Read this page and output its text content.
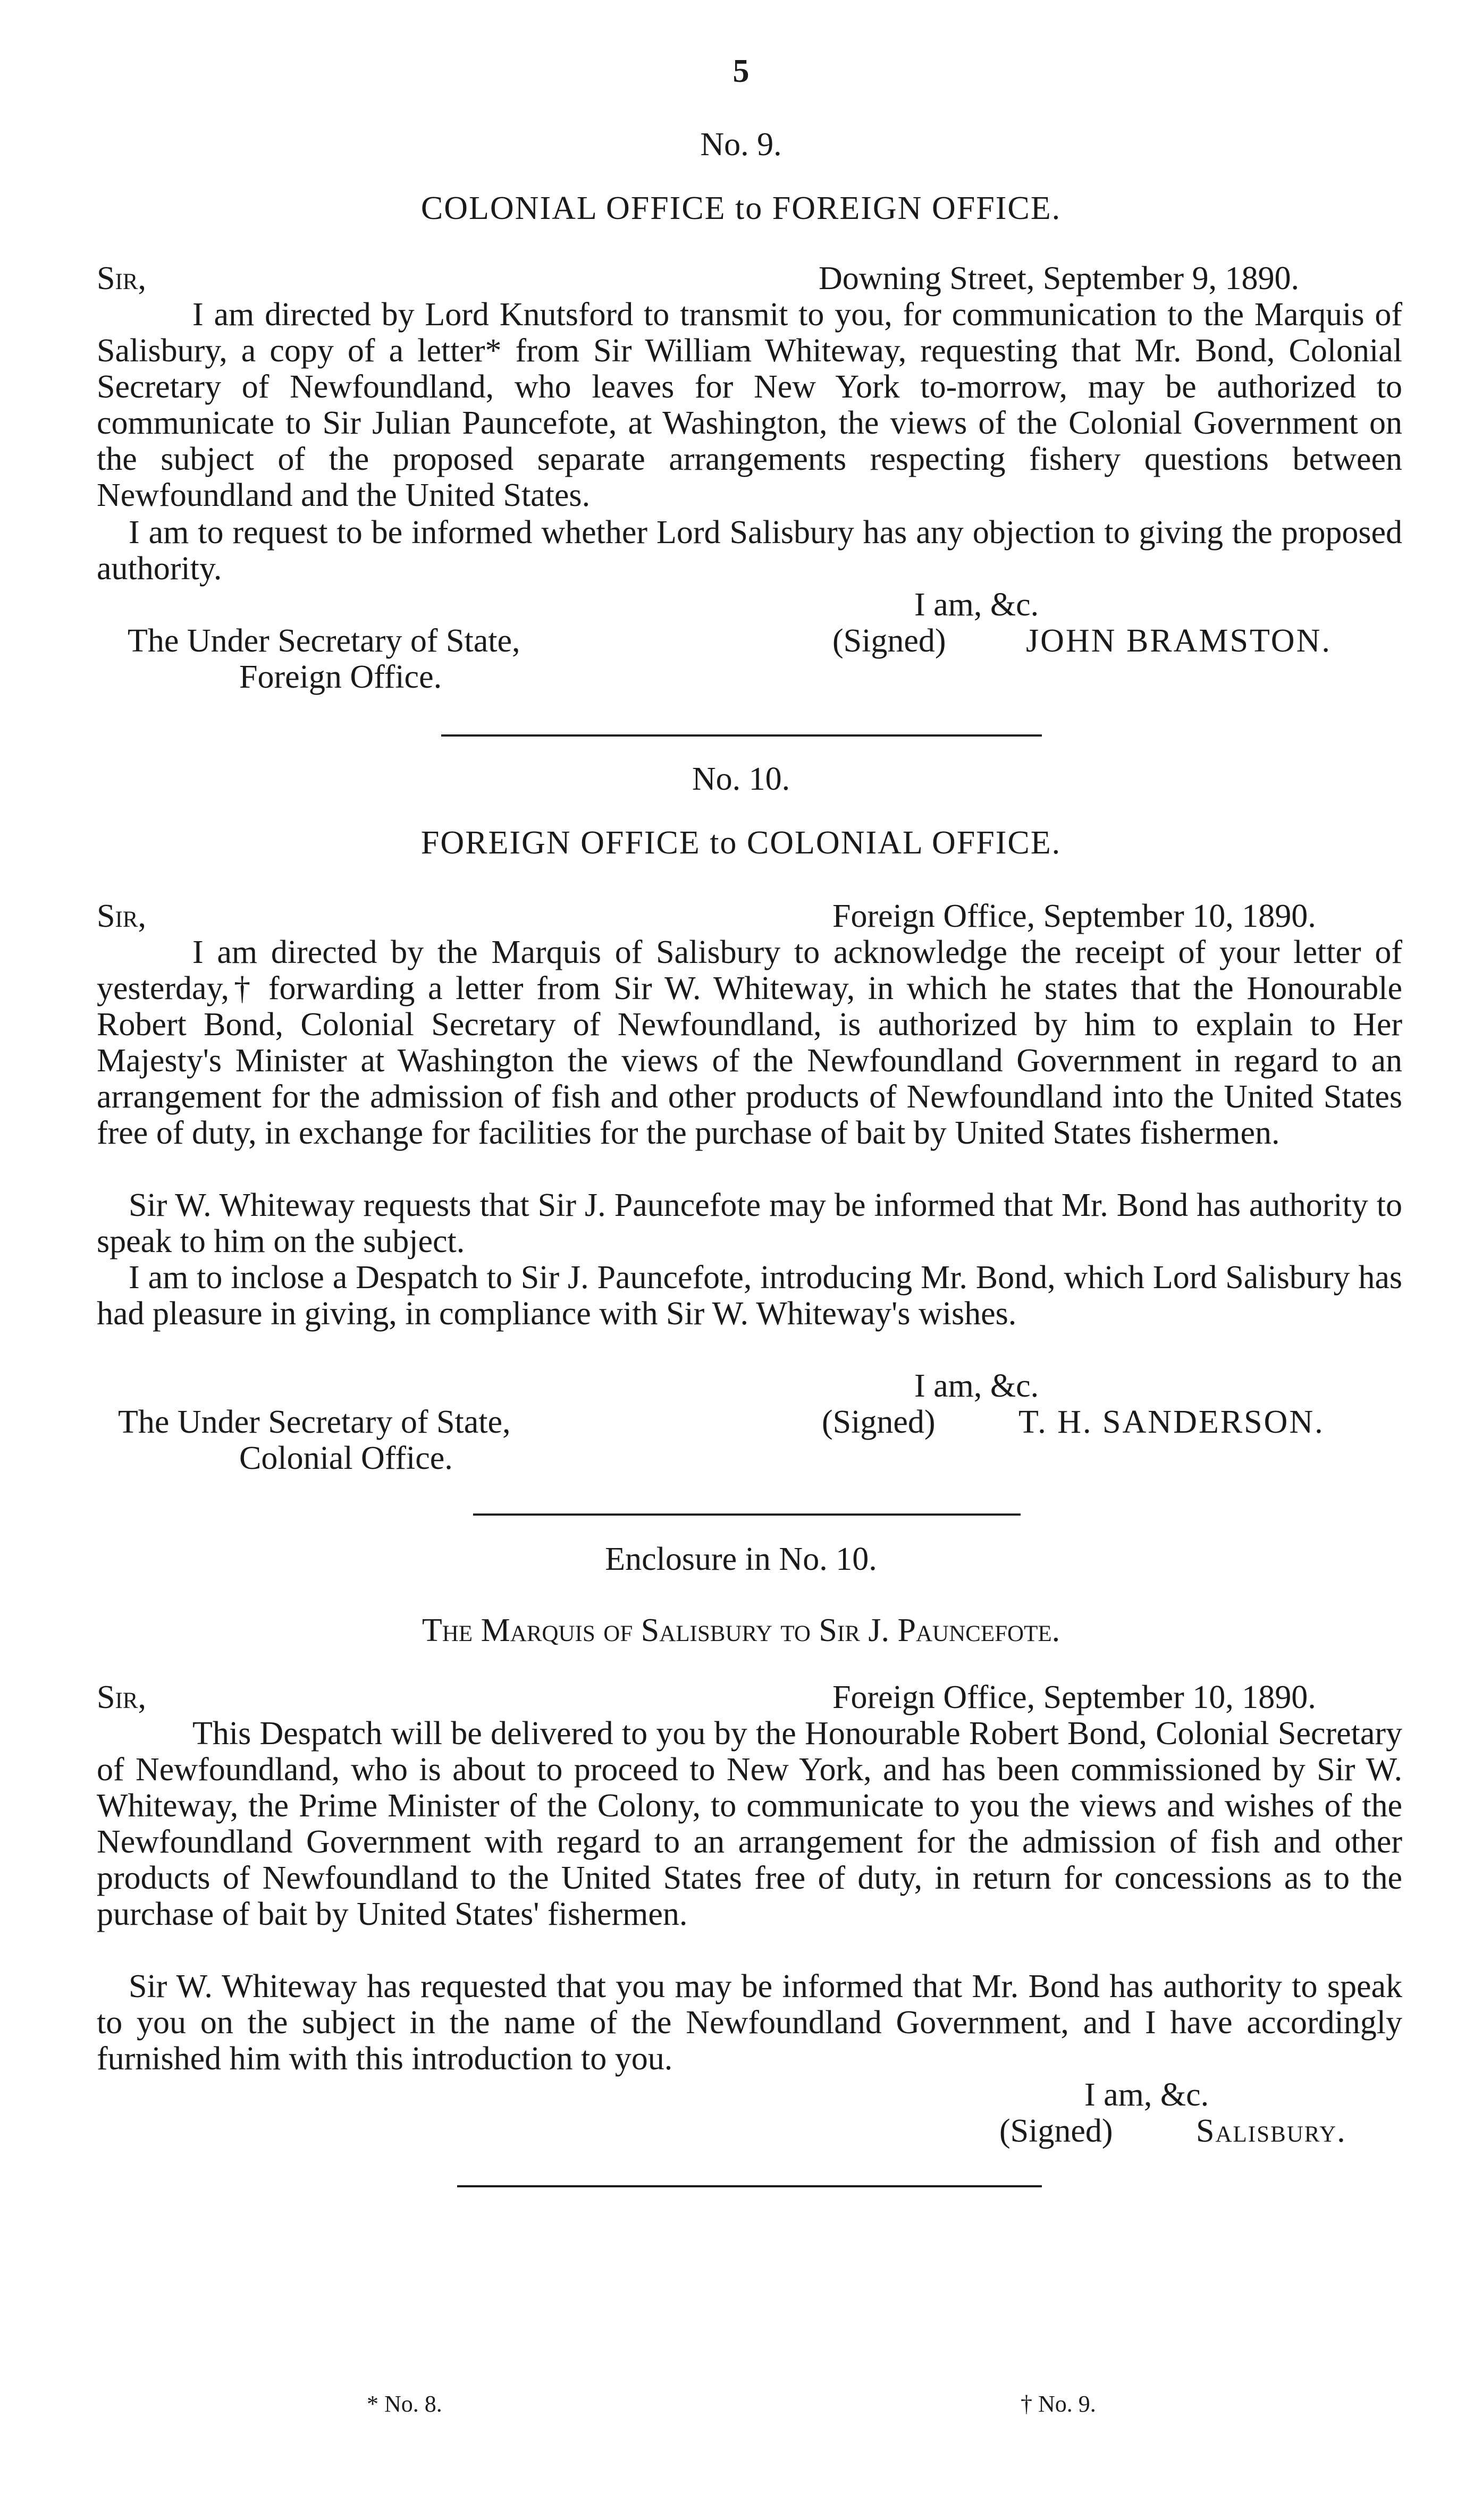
5
No. 9.
COLONIAL OFFICE to FOREIGN OFFICE.
Sir,	Downing Street, September 9, 1890.
I am directed by Lord Knutsford to transmit to you, for communication to the Marquis of Salisbury, a copy of a letter* from Sir William Whiteway, requesting that Mr. Bond, Colonial Secretary of Newfoundland, who leaves for New York to-morrow, may be authorized to communicate to Sir Julian Pauncefote, at Washington, the views of the Colonial Government on the subject of the proposed separate arrangements respecting fishery questions between Newfoundland and the United States.
I am to request to be informed whether Lord Salisbury has any objection to giving the proposed authority.
I am, &c.
The Under Secretary of State,	(Signed) JOHN BRAMSTON.
Foreign Office.
No. 10.
FOREIGN OFFICE to COLONIAL OFFICE.
Sir,	Foreign Office, September 10, 1890.
I am directed by the Marquis of Salisbury to acknowledge the receipt of your letter of yesterday,† forwarding a letter from Sir W. Whiteway, in which he states that the Honourable Robert Bond, Colonial Secretary of Newfoundland, is authorized by him to explain to Her Majesty's Minister at Washington the views of the Newfoundland Government in regard to an arrangement for the admission of fish and other products of Newfoundland into the United States free of duty, in exchange for facilities for the purchase of bait by United States fishermen.
Sir W. Whiteway requests that Sir J. Pauncefote may be informed that Mr. Bond has authority to speak to him on the subject.
I am to inclose a Despatch to Sir J. Pauncefote, introducing Mr. Bond, which Lord Salisbury has had pleasure in giving, in compliance with Sir W. Whiteway's wishes.
I am, &c.
The Under Secretary of State,	(Signed)	T. H. SANDERSON.
Colonial Office.
Enclosure in No. 10.
The Marquis of Salisbury to Sir J. Pauncefote.
Sir,	Foreign Office, September 10, 1890.
This Despatch will be delivered to you by the Honourable Robert Bond, Colonial Secretary of Newfoundland, who is about to proceed to New York, and has been commissioned by Sir W. Whiteway, the Prime Minister of the Colony, to communicate to you the views and wishes of the Newfoundland Government with regard to an arrangement for the admission of fish and other products of Newfoundland to the United States free of duty, in return for concessions as to the purchase of bait by United States' fishermen.
Sir W. Whiteway has requested that you may be informed that Mr. Bond has authority to speak to you on the subject in the name of the Newfoundland Government, and I have accordingly furnished him with this introduction to you.
I am, &c.
(Signed)	Salisbury.
* No. 8.	† No. 9.
